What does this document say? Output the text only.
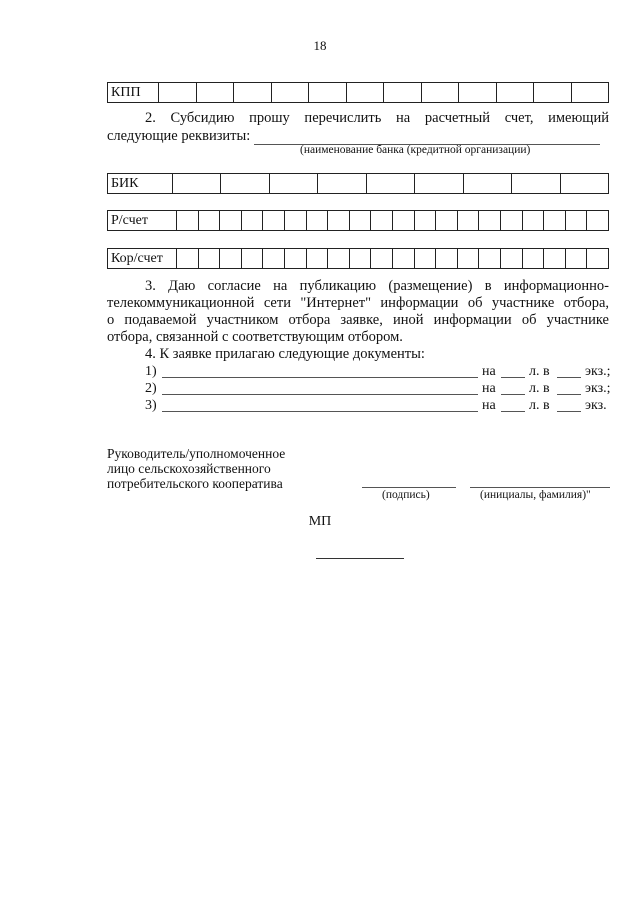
18
КПП												
2. Субсидию прошу перечислить на расчетный счет, имеющий
следующие реквизиты:
(наименование банка (кредитной организации)
БИК									
Р/счет																				
Кор/счет																				
3. Даю согласие на публикацию (размещение) в информационно-
телекоммуникационной сети "Интернет" информации об участнике отбора,
о подаваемой участником отбора заявке, иной информации об участнике
отбора, связанной с соответствующим отбором.
4. К заявке прилагаю следующие документы:
1)	на л. в	экз.;
2)	на л. в	экз.;
3)	на л. в	экз.
Руководитель/уполномоченное
лицо сельскохозяйственного
потребительского кооператива
(подпись)	(инициалы, фамилия)"
МП
